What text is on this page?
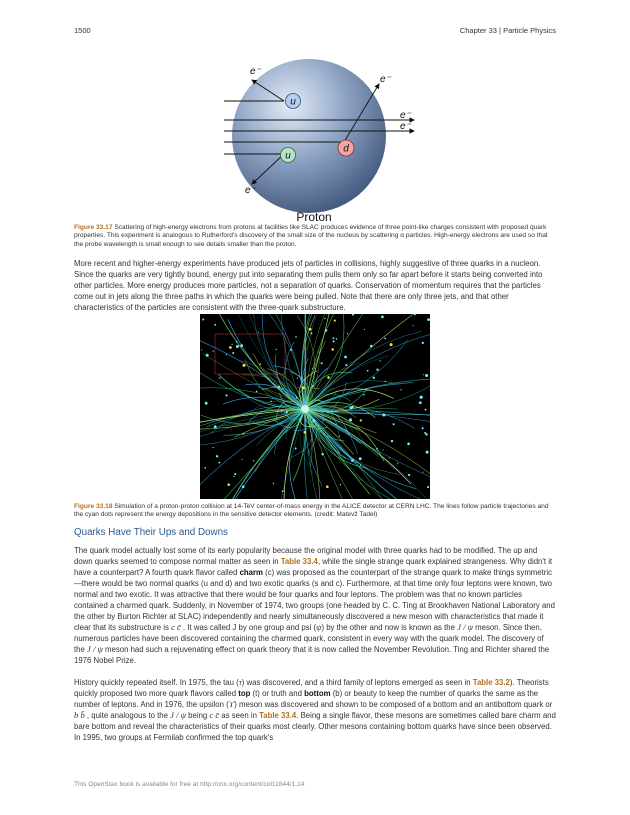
1500	Chapter 33 | Particle Physics
u
u
d
e⁻
e⁻
e⁻
e⁻
e⁻
Proton
Figure 33.17 Scattering of high-energy electrons from protons at facilities like SLAC produces evidence of three point-like charges consistent with proposed quark properties. This experiment is analogous to Rutherford's discovery of the small size of the nucleus by scattering α particles. High-energy electrons are used so that the probe wavelength is small enough to see details smaller than the proton.

More recent and higher-energy experiments have produced jets of particles in collisions, highly suggestive of three quarks in a nucleon. Since the quarks are very tightly bound, energy put into separating them pulls them only so far apart before it starts being converted into other particles. More energy produces more particles, not a separation of quarks. Conservation of momentum requires that the particles come out in jets along the three paths in which the quarks were being pulled. Note that there are only three jets, and that other characteristics of the particles are consistent with the three-quark substructure.

Figure 33.18 Simulation of a proton-proton collision at 14-TeV center-of-mass energy in the ALICE detector at CERN LHC. The lines follow particle trajectories and the cyan dots represent the energy depositions in the sensitive detector elements. (credit: Matevž Tadel)
Quarks Have Their Ups and Downs

The quark model actually lost some of its early popularity because the original model with three quarks had to be modified. The up and down quarks seemed to compose normal matter as seen in Table 33.4, while the single strange quark explained strangeness. Why didn't it have a counterpart? A fourth quark flavor called charm (c) was proposed as the counterpart of the strange quark to make things symmetric—there would be two normal quarks (u and d) and two exotic quarks (s and c). Furthermore, at that time only four leptons were known, two normal and two exotic. It was attractive that there would be four quarks and four leptons. The problem was that no known particles contained a charmed quark. Suddenly, in November of 1974, two groups (one headed by C. C. Ting at Brookhaven National Laboratory and the other by Burton Richter at SLAC) independently and nearly simultaneously discovered a new meson with characteristics that made it clear that its substructure is c c̄ . It was called J by one group and psi (ψ) by the other and now is known as the J / ψ meson. Since then, numerous particles have been discovered containing the charmed quark, consistent in every way with the quark model. The discovery of the J / ψ meson had such a rejuvenating effect on quark theory that it is now called the November Revolution. Ting and Richter shared the 1976 Nobel Prize.

History quickly repeated itself. In 1975, the tau (τ) was discovered, and a third family of leptons emerged as seen in Table 33.2). Theorists quickly proposed two more quark flavors called top (t) or truth and bottom (b) or beauty to keep the number of quarks the same as the number of leptons. And in 1976, the upsilon (ϒ) meson was discovered and shown to be composed of a bottom and an antibottom quark or b b̄ , quite analogous to the J / ψ being c c̄ as seen in Table 33.4. Being a single flavor, these mesons are sometimes called bare charm and bare bottom and reveal the characteristics of their quarks most clearly. Other mesons containing bottom quarks have since been observed. In 1995, two groups at Fermilab confirmed the top quark's

This OpenStax book is available for free at http://cnx.org/content/col11844/1.14
